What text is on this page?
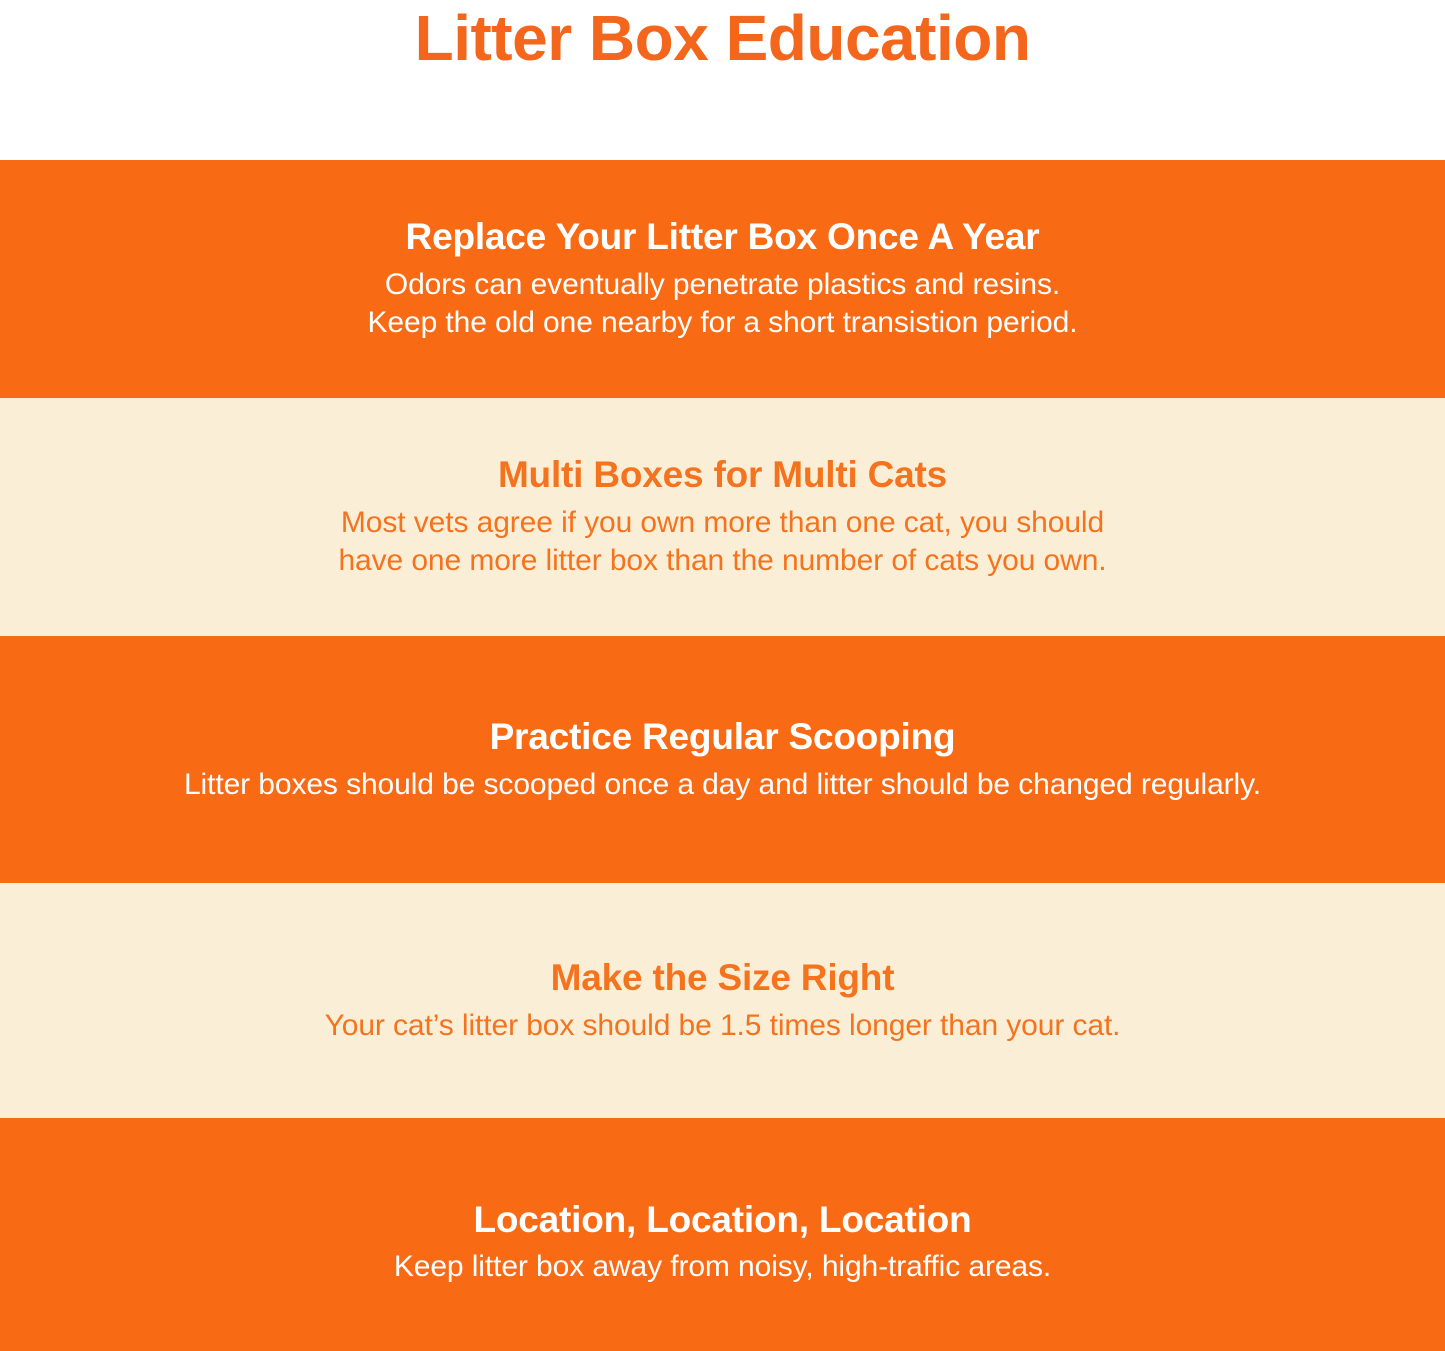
Litter Box Education
Replace Your Litter Box Once A Year
Odors can eventually penetrate plastics and resins.
Keep the old one nearby for a short transistion period.
Multi Boxes for Multi Cats
Most vets agree if you own more than one cat, you should
have one more litter box than the number of cats you own.
Practice Regular Scooping
Litter boxes should be scooped once a day and litter should be changed regularly.
Make the Size Right
Your cat’s litter box should be 1.5 times longer than your cat.
Location, Location, Location
Keep litter box away from noisy, high-traffic areas.
